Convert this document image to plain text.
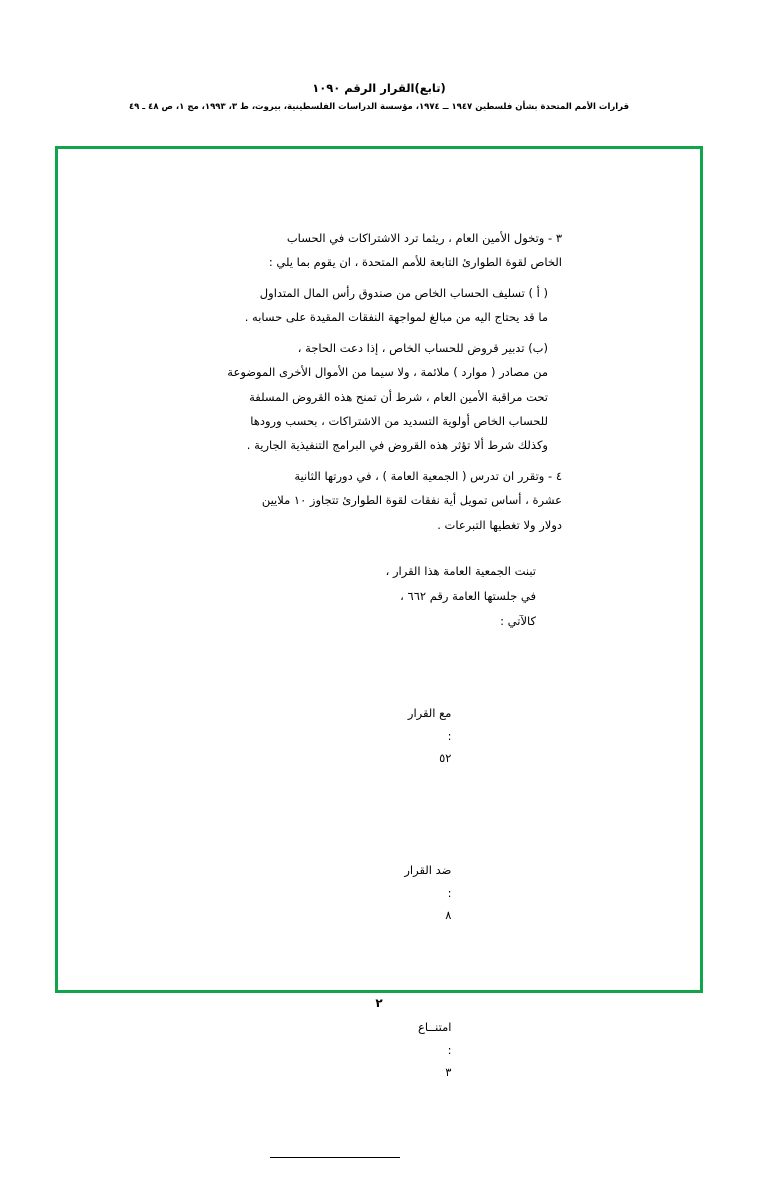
(تابع)القرار الرقم ١٠٩٠
قرارات الأمم المتحدة بشأن فلسطين ١٩٤٧ ــ ١٩٧٤، مؤسسة الدراسات الفلسطينية، بيروت، ط ٣، ١٩٩٣، مج ١، ص ٤٨ ـ ٤٩

٣ - وتخول الأمين العام ، ريثما ترد الاشتراكات في الحساب

الخاص لقوة الطوارئ التابعة للأمم المتحدة ، ان يقوم بما يلي :

( أ ) تسليف الحساب الخاص من صندوق رأس المال المتداول

ما قد يحتاج اليه من مبالغ لمواجهة النفقات المقيدة على حسابه .

(ب) تدبير قروض للحساب الخاص ، إذا دعت الحاجة ،

من مصادر ( موارد ) ملائمة ، ولا سيما من الأموال الأخرى الموضوعة

تحت مراقبة الأمين العام ، شرط أن تمنح هذه القروض المسلفة

للحساب الخاص أولوية التسديد من الاشتراكات ، بحسب ورودها

وكذلك شرط ألا تؤثر هذه القروض في البرامج التنفيذية الجارية .

٤ - وتقرر ان تدرس ( الجمعية العامة ) ، في دورتها الثانية

عشرة ، أساس تمويل أية نفقات لقوة الطوارئ تتجاوز ١٠ ملايين

دولار ولا تغطيها التبرعات .

تبنت الجمعية العامة هذا القرار ،

في جلستها العامة رقم ٦٦٢ ،

كالآتي :

مع القرار
:
٥٢

ضد القرار
:
٨

امتنــاع
:
٣

٢
